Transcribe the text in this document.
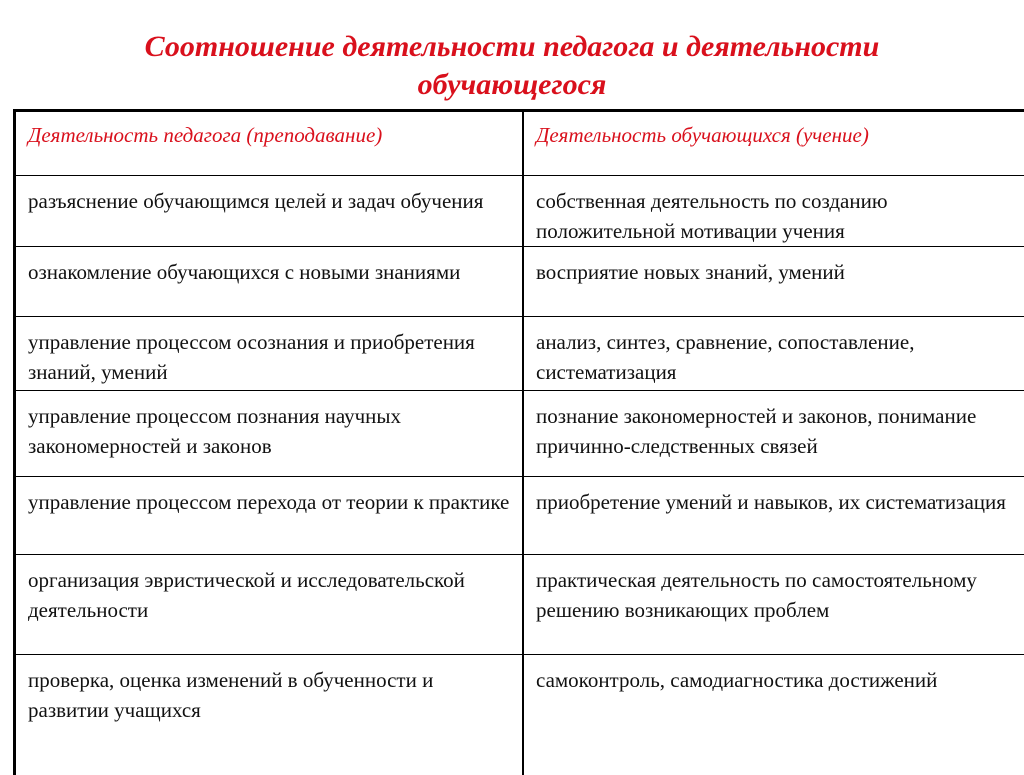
Соотношение деятельности педагога и деятельности
обучающегося
Деятельность педагога (преподавание)	Деятельность обучающихся (учение)
разъяснение обучающимся целей и задач обучения	собственная деятельность по созданию положительной мотивации учения
ознакомление обучающихся с новыми знаниями	восприятие новых знаний, умений
управление процессом осознания и приобретения знаний, умений	анализ, синтез, сравнение, сопоставление, систематизация
управление процессом познания научных закономерностей и законов	познание закономерностей и законов, понимание причинно-следственных связей
управление процессом перехода от теории к практике	приобретение умений и навыков, их систематизация
организация эвристической и исследовательской деятельности	практическая деятельность по самостоятельному решению возникающих проблем
проверка, оценка изменений в обученности и развитии учащихся	самоконтроль, самодиагностика достижений
